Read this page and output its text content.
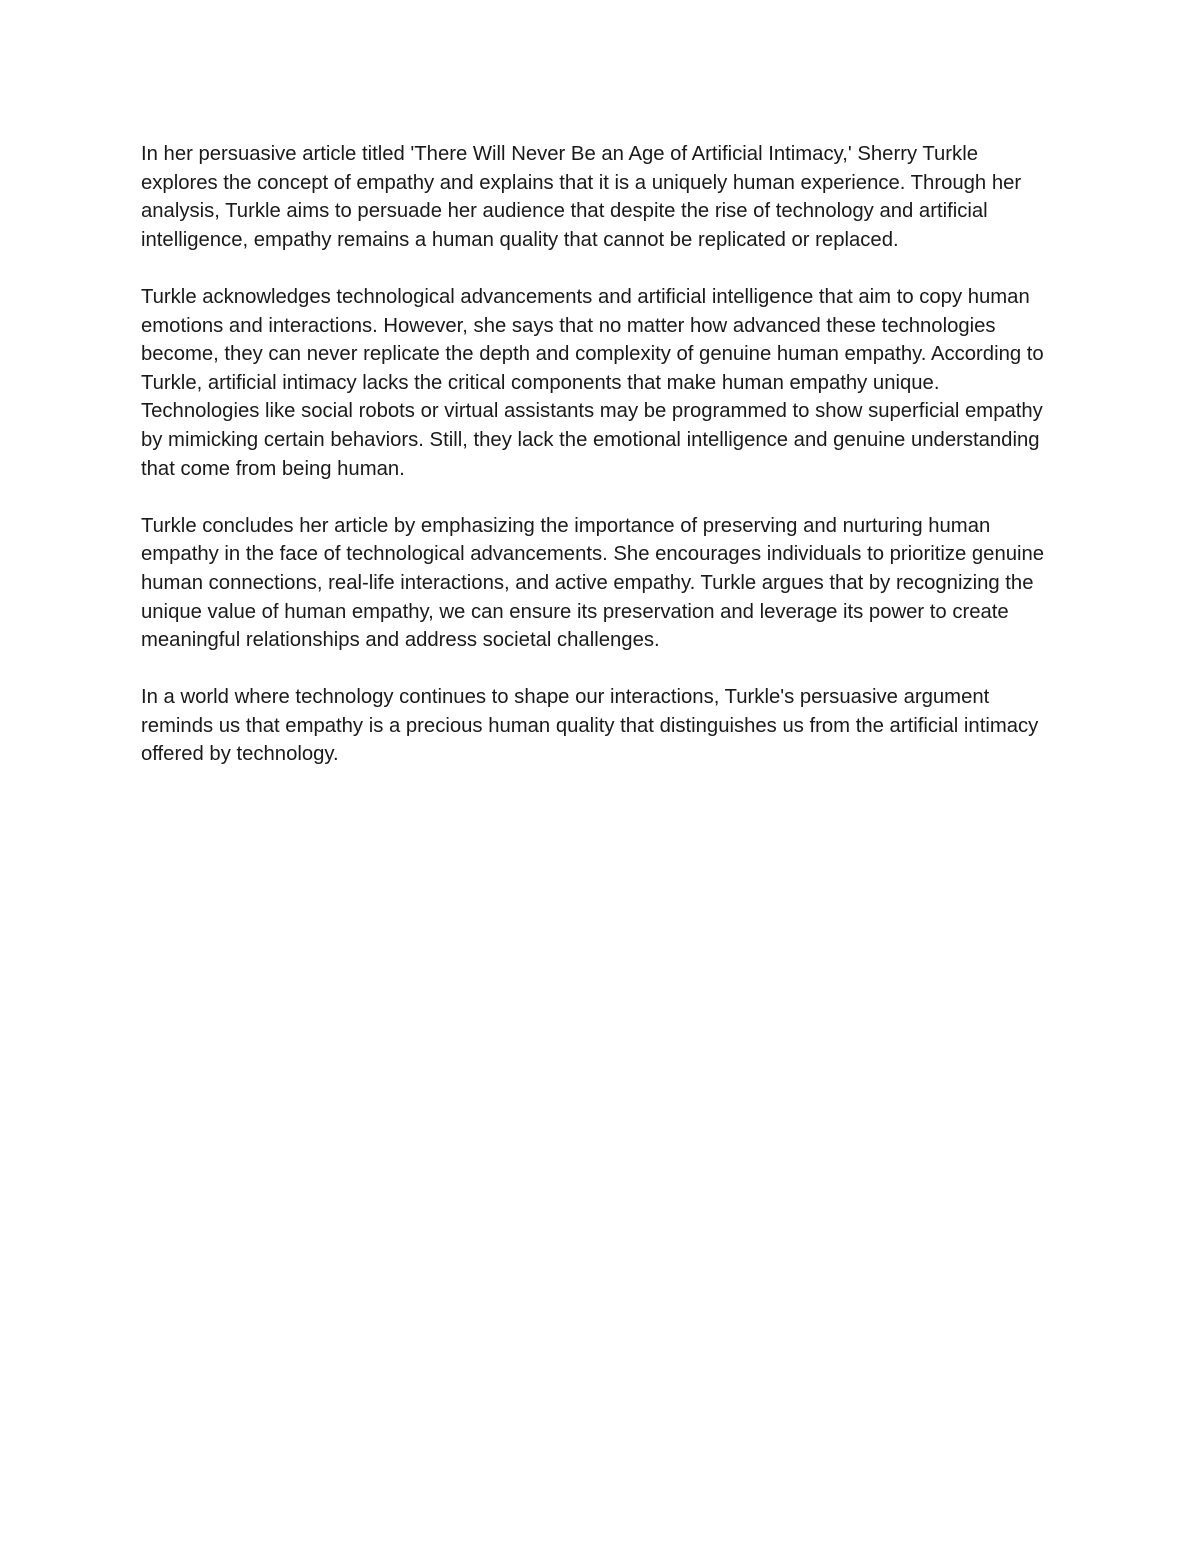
In her persuasive article titled 'There Will Never Be an Age of Artificial Intimacy,' Sherry Turkle explores the concept of empathy and explains that it is a uniquely human experience. Through her analysis, Turkle aims to persuade her audience that despite the rise of technology and artificial intelligence, empathy remains a human quality that cannot be replicated or replaced.

Turkle acknowledges technological advancements and artificial intelligence that aim to copy human emotions and interactions. However, she says that no matter how advanced these technologies become, they can never replicate the depth and complexity of genuine human empathy. According to Turkle, artificial intimacy lacks the critical components that make human empathy unique. Technologies like social robots or virtual assistants may be programmed to show superficial empathy by mimicking certain behaviors. Still, they lack the emotional intelligence and genuine understanding that come from being human.

Turkle concludes her article by emphasizing the importance of preserving and nurturing human empathy in the face of technological advancements. She encourages individuals to prioritize genuine human connections, real-life interactions, and active empathy. Turkle argues that by recognizing the unique value of human empathy, we can ensure its preservation and leverage its power to create meaningful relationships and address societal challenges.

In a world where technology continues to shape our interactions, Turkle's persuasive argument reminds us that empathy is a precious human quality that distinguishes us from the artificial intimacy offered by technology.
